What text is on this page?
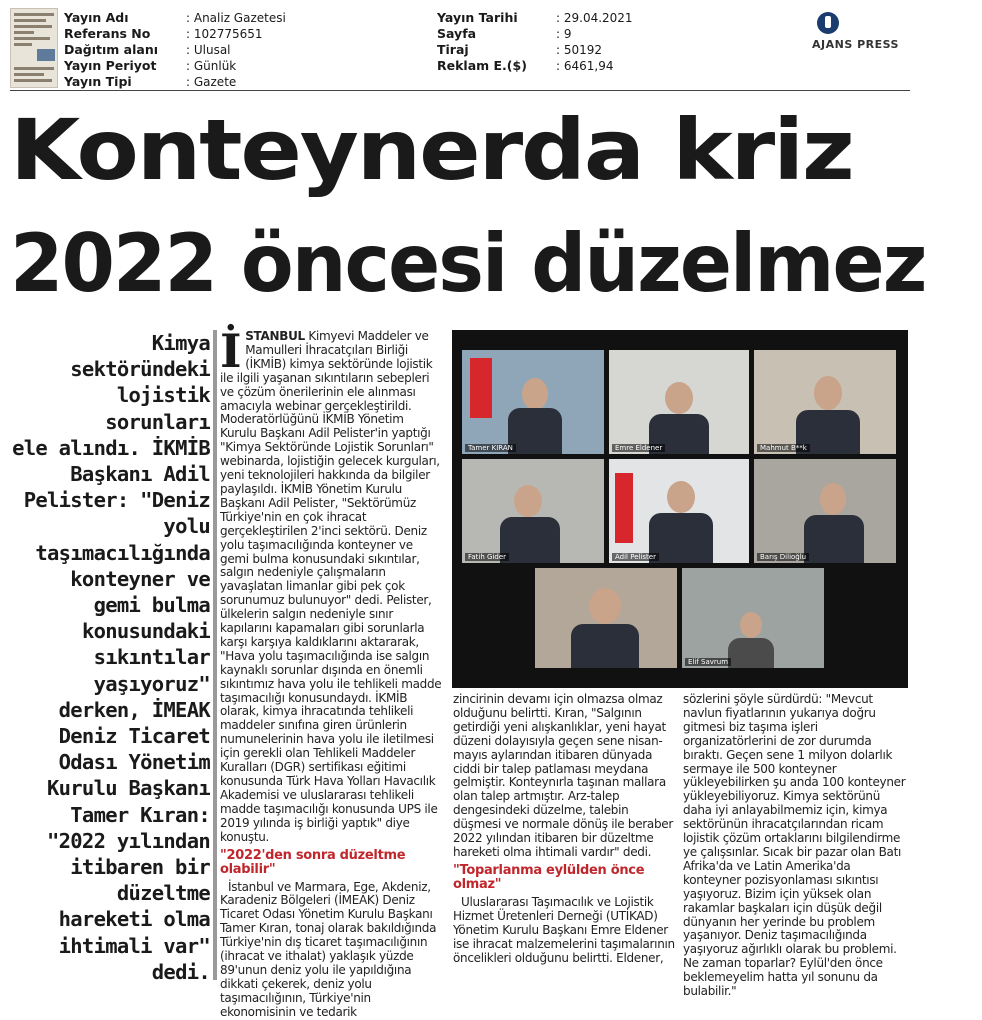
Yayın Adı	: Analiz Gazetesi
Referans No	: 102775651
Dağıtım alanı	: Ulusal
Yayın Periyot	: Günlük
Yayın Tipi	: Gazete
Yayın Tarihi	: 29.04.2021
Sayfa	: 9
Tiraj	: 50192
Reklam E.($)	: 6461,94
AJANS PRESS
Konteynerda kriz
2022 öncesi düzelmez
Kimya
sektöründeki
lojistik sorunları
ele alındı. İKMİB
Başkanı Adil
Pelister: "Deniz
yolu
taşımacılığında
konteyner ve
gemi bulma
konusundaki
sıkıntılar
yaşıyoruz"
derken, İMEAK
Deniz Ticaret
Odası Yönetim
Kurulu Başkanı
Tamer Kıran:
"2022 yılından
itibaren bir
düzeltme
hareketi olma
ihtimali var"
dedi.
İSTANBUL Kimyevi Maddeler ve Mamulleri İhracatçıları Birliği (İKMİB) kimya sektöründe lojistik ile ilgili yaşanan sıkıntıların sebepleri ve çözüm önerilerinin ele alınması amacıyla webinar gerçekleştirildi. Moderatörlüğünü İKMİB Yönetim Kurulu Başkanı Adil Pelister'in yaptığı "Kimya Sektöründe Lojistik Sorunları" webinarda, lojistiğin gelecek kurguları, yeni teknolojileri hakkında da bilgiler paylaşıldı. İKMİB Yönetim Kurulu Başkanı Adil Pelister, "Sektörümüz Türkiye'nin en çok ihracat gerçekleştirilen 2'inci sektörü. Deniz yolu taşımacılığında konteyner ve gemi bulma konusundaki sıkıntılar, salgın nedeniyle çalışmaların yavaşlatan limanlar gibi pek çok sorunumuz bulunuyor" dedi. Pelister, ülkelerin salgın nedeniyle sınır kapılarını kapamaları gibi sorunlarla karşı karşıya kaldıklarını aktararak, "Hava yolu taşımacılığında ise salgın kaynaklı sorunlar dışında en önemli sıkıntımız hava yolu ile tehlikeli madde taşımacılığı konusundaydı. İKMİB olarak, kimya ihracatında tehlikeli maddeler sınıfına giren ürünlerin numunelerinin hava yolu ile iletilmesi için gerekli olan Tehlikeli Maddeler Kuralları (DGR) sertifikası eğitimi konusunda Türk Hava Yolları Havacılık Akademisi ve uluslararası tehlikeli madde taşımacılığı konusunda UPS ile 2019 yılında iş birliği yaptık" diye konuştu.
"2022'den sonra düzeltme olabilir"

İstanbul ve Marmara, Ege, Akdeniz, Karadeniz Bölgeleri (İMEAK) Deniz Ticaret Odası Yönetim Kurulu Başkanı Tamer Kıran, tonaj olarak bakıldığında Türkiye'nin dış ticaret taşımacılığının (ihracat ve ithalat) yaklaşık yüzde 89'unun deniz yolu ile yapıldığına dikkati çekerek, deniz yolu taşımacılığının, Türkiye'nin ekonomisinin ve tedarik

Tamer KIRAN	Emre Eldener	Mahmut B**k
Fatih Gider	Adil Pelister	Barış Dilioğlu
Elif Savrum

zincirinin devamı için olmazsa olmaz olduğunu belirtti. Kıran, "Salgının getirdiği yeni alışkanlıklar, yeni hayat düzeni dolayısıyla geçen sene nisan-mayıs aylarından itibaren dünyada ciddi bir talep patlaması meydana gelmiştir. Konteynırla taşınan mallara olan talep artmıştır. Arz-talep dengesindeki düzelme, talebin düşmesi ve normale dönüş ile beraber 2022 yılından itibaren bir düzeltme hareketi olma ihtimali vardır" dedi.

"Toparlanma eylülden önce olmaz"

Uluslararası Taşımacılık ve Lojistik Hizmet Üretenleri Derneği (UTİKAD) Yönetim Kurulu Başkanı Emre Eldener ise ihracat malzemelerini taşımalarının öncelikleri olduğunu belirtti. Eldener,

sözlerini şöyle sürdürdü: "Mevcut navlun fiyatlarının yukarıya doğru gitmesi biz taşıma işleri organizatörlerini de zor durumda bıraktı. Geçen sene 1 milyon dolarlık sermaye ile 500 konteyner yükleyebilirken şu anda 100 konteyner yükleyebiliyoruz. Kimya sektörünü daha iyi anlayabilmemiz için, kimya sektörünün ihracatçılarından ricam lojistik çözüm ortaklarını bilgilendirme ye çalışsınlar. Sıcak bir pazar olan Batı Afrika'da ve Latin Amerika'da konteyner pozisyonlaması sıkıntısı yaşıyoruz. Bizim için yüksek olan rakamlar başkaları için düşük değil dünyanın her yerinde bu problem yaşanıyor. Deniz taşımacılığında yaşıyoruz ağırlıklı olarak bu problemi. Ne zaman toparlar? Eylül'den önce beklemeyelim hatta yıl sonunu da bulabilir."
